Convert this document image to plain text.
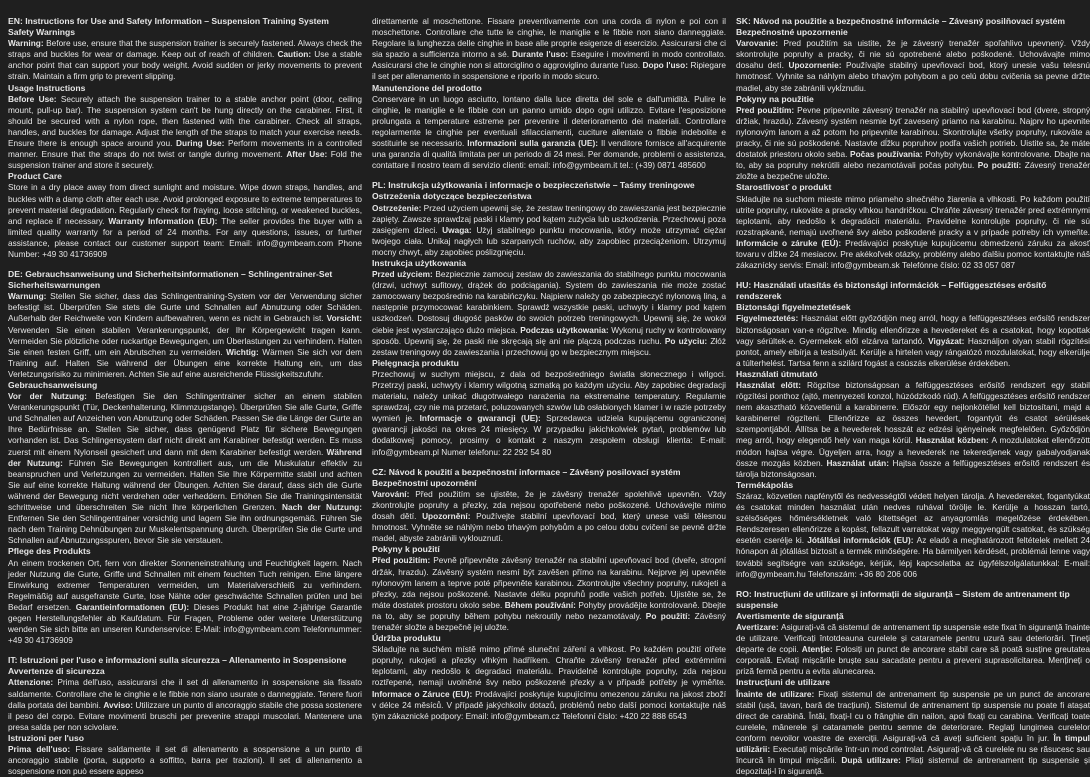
EN: Instructions for Use and Safety Information – Suspension Training System
Safety Warnings

Warning: Before use, ensure that the suspension trainer is securely fastened. Always check the straps and buckles for wear or damage. Keep out of reach of children. Caution: Use a stable anchor point that can support your body weight. Avoid sudden or jerky movements to prevent strain. Maintain a firm grip to prevent slipping.

Usage Instructions

Before Use: Securely attach the suspension trainer to a stable anchor point (door, ceiling mount, pull-up bar). The suspension system can't be hung directly on the carabiner. First, it should be secured with a nylon rope, then fastened with the carabiner. Check all straps, handles, and buckles for damage. Adjust the length of the straps to match your exercise needs. Ensure there is enough space around you. During Use: Perform movements in a controlled manner. Ensure that the straps do not twist or tangle during movement. After Use: Fold the suspension trainer and store it securely.

Product Care

Store in a dry place away from direct sunlight and moisture. Wipe down straps, handles, and buckles with a damp cloth after each use. Avoid prolonged exposure to extreme temperatures to prevent material degradation. Regularly check for fraying, loose stitching, or weakened buckles, and replace if necessary. Warranty Information (EU): The seller provides the buyer with a limited quality warranty for a period of 24 months. For any questions, issues, or further assistance, please contact our customer support team: Email: info@gymbeam.com Phone Number: +49 30 41736909

DE: Gebrauchsanweisung und Sicherheitsinformationen – Schlingentrainer-Set
Sicherheitswarnungen

Warnung: Stellen Sie sicher, dass das Schlingentraining-System vor der Verwendung sicher befestigt ist. Überprüfen Sie stets die Gurte und Schnallen auf Abnutzung oder Schäden. Außerhalb der Reichweite von Kindern aufbewahren, wenn es nicht in Gebrauch ist. Vorsicht: Verwenden Sie einen stabilen Verankerungspunkt, der Ihr Körpergewicht tragen kann. Vermeiden Sie plötzliche oder ruckartige Bewegungen, um Überlastungen zu verhindern. Halten Sie einen festen Griff, um ein Abrutschen zu vermeiden. Wichtig: Wärmen Sie sich vor dem Training auf. Halten Sie während der Übungen eine korrekte Haltung ein, um das Verletzungsrisiko zu minimieren. Achten Sie auf eine ausreichende Flüssigkeitszufuhr.

Gebrauchsanweisung

Vor der Nutzung: Befestigen Sie den Schlingentrainer sicher an einem stabilen Verankerungspunkt (Tür, Deckenhalterung, Klimmzugstange). Überprüfen Sie alle Gurte, Griffe und Schnallen auf Anzeichen von Abnutzung oder Schäden. Passen Sie die Länge der Gurte an Ihre Bedürfnisse an. Stellen Sie sicher, dass genügend Platz für sichere Bewegungen vorhanden ist. Das Schlingensystem darf nicht direkt am Karabiner befestigt werden. Es muss zuerst mit einem Nylonseil gesichert und dann mit dem Karabiner befestigt werden. Während der Nutzung: Führen Sie Bewegungen kontrolliert aus, um die Muskulatur effektiv zu beanspruchen und Verletzungen zu vermeiden. Halten Sie Ihre Körpermitte stabil und achten Sie auf eine korrekte Haltung während der Übungen. Achten Sie darauf, dass sich die Gurte während der Bewegung nicht verdrehen oder verheddern. Erhöhen Sie die Trainingsintensität schrittweise und überschreiten Sie nicht Ihre körperlichen Grenzen. Nach der Nutzung: Entfernen Sie den Schlingentrainer vorsichtig und lagern Sie ihn ordnungsgemäß. Führen Sie nach dem Training Dehnübungen zur Muskelentspannung durch. Überprüfen Sie die Gurte und Schnallen auf Abnutzungsspuren, bevor Sie sie verstauen.

Pflege des Produkts

An einem trockenen Ort, fern von direkter Sonneneinstrahlung und Feuchtigkeit lagern. Nach jeder Nutzung die Gurte, Griffe und Schnallen mit einem feuchten Tuch reinigen. Eine längere Einwirkung extremer Temperaturen vermeiden, um Materialverschleiß zu verhindern. Regelmäßig auf ausgefranste Gurte, lose Nähte oder geschwächte Schnallen prüfen und bei Bedarf ersetzen. Garantieinformationen (EU): Dieses Produkt hat eine 2-jährige Garantie gegen Herstellungsfehler ab Kaufdatum. Für Fragen, Probleme oder weitere Unterstützung wenden Sie sich bitte an unseren Kundenservice: E-Mail: info@gymbeam.com Telefonnummer: +49 30 41736909

IT: Istruzioni per l'uso e informazioni sulla sicurezza – Allenamento in Sospensione
Avvertenze di sicurezza

Attenzione: Prima dell'uso, assicurarsi che il set di allenamento in sospensione sia fissato saldamente. Controllare che le cinghie e le fibbie non siano usurate o danneggiate. Tenere fuori dalla portata dei bambini. Avviso: Utilizzare un punto di ancoraggio stabile che possa sostenere il peso del corpo. Evitare movimenti bruschi per prevenire strappi muscolari. Mantenere una presa salda per non scivolare.

Istruzioni per l'uso

Prima dell'uso: Fissare saldamente il set di allenamento a sospensione a un punto di ancoraggio stabile (porta, supporto a soffitto, barra per trazioni). Il set di allenamento a sospensione non può essere appeso

direttamente al moschettone. Fissare preventivamente con una corda di nylon e poi con il moschettone. Controllare che tutte le cinghie, le maniglie e le fibbie non siano danneggiate. Regolare la lunghezza delle cinghie in base alle proprie esigenze di esercizio. Assicurarsi che ci sia spazio a sufficienza intorno a sé. Durante l'uso: Eseguire i movimenti in modo controllato. Assicurarsi che le cinghie non si attorciglino o aggroviglino durante l'uso. Dopo l'uso: Ripiegare il set per allenamento in sospensione e riporlo in modo sicuro.

Manutenzione del prodotto

Conservare in un luogo asciutto, lontano dalla luce diretta del sole e dall'umidità. Pulire le cinghie, le maniglie e le fibbie con un panno umido dopo ogni utilizzo. Evitare l'esposizione prolungata a temperature estreme per prevenire il deterioramento dei materiali. Controllare regolarmente le cinghie per eventuali sfilacciamenti, cuciture allentate o fibbie indebolite e sostituirle se necessario. Informazioni sulla garanzia (UE): Il venditore fornisce all'acquirente una garanzia di qualità limitata per un periodo di 24 mesi. Per domande, problemi o assistenza, contattare il nostro team di servizio clienti: email: info@gymbeam.it tel.: (+39) 0871 485600

PL: Instrukcja użytkowania i informacje o bezpieczeństwie – Taśmy treningowe
Ostrzeżenia dotyczące bezpieczeństwa

Ostrzeżenie: Przed użyciem upewnij się, że zestaw treningowy do zawieszania jest bezpiecznie zapięty. Zawsze sprawdzaj paski i klamry pod kątem zużycia lub uszkodzenia. Przechowuj poza zasięgiem dzieci. Uwaga: Użyj stabilnego punktu mocowania, który może utrzymać ciężar twojego ciała. Unikaj nagłych lub szarpanych ruchów, aby zapobiec przeciążeniom. Utrzymuj mocny chwyt, aby zapobiec poślizgnięciu.

Instrukcja użytkowania

Przed użyciem: Bezpiecznie zamocuj zestaw do zawieszania do stabilnego punktu mocowania (drzwi, uchwyt sufitowy, drążek do podciągania). System do zawieszania nie może zostać zamocowany bezpośrednio na karabińczyku. Najpierw należy go zabezpieczyć nylonową liną, a następnie przymocować karabinkiem. Sprawdź wszystkie paski, uchwyty i klamry pod kątem uszkodzeń. Dostosuj długość pasków do swoich potrzeb treningowych. Upewnij się, że wokół ciebie jest wystarczająco dużo miejsca. Podczas użytkowania: Wykonuj ruchy w kontrolowany sposób. Upewnij się, że paski nie skręcają się ani nie plączą podczas ruchu. Po użyciu: Złóż zestaw treningowy do zawieszania i przechowuj go w bezpiecznym miejscu.

Pielęgnacja produktu

Przechowuj w suchym miejscu, z dala od bezpośredniego światła słonecznego i wilgoci. Przetrzyj paski, uchwyty i klamry wilgotną szmatką po każdym użyciu. Aby zapobiec degradacji materiału, należy unikać długotrwałego narażenia na ekstremalne temperatury. Regularnie sprawdzaj, czy nie ma przetarć, poluzowanych szwów lub osłabionych klamer i w razie potrzeby wymień je. Informacje o gwarancji (UE): Sprzedawca udziela kupującemu ograniczonej gwarancji jakości na okres 24 miesięcy. W przypadku jakichkolwiek pytań, problemów lub dodatkowej pomocy, prosimy o kontakt z naszym zespołem obsługi klienta: E-mail: info@gymbeam.pl Numer telefonu: 22 292 54 80

CZ: Návod k použití a bezpečnostní informace – Závěsný posilovací systém
Bezpečnostní upozornění

Varování: Před použitím se ujistěte, že je závěsný trenažér spolehlivě upevněn. Vždy zkontrolujte popruhy a přezky, zda nejsou opotřebené nebo poškozené. Uchovávejte mimo dosah dětí. Upozornění: Používejte stabilní upevňovací bod, který unese vaši tělesnou hmotnost. Vyhněte se náhlým nebo trhavým pohybům a po celou dobu cvičení se pevně držte madel, abyste zabránili vyklouznutí.

Pokyny k použití

Před použitím: Pevně připevněte závěsný trenažér na stabilní upevňovací bod (dveře, stropní držák, hrazdu). Závěsný systém nesmí být zavěšen přímo na karabinu. Nejprve jej upevněte nylonovým lanem a teprve poté připevněte karabinou. Zkontrolujte všechny popruhy, rukojeti a přezky, zda nejsou poškozené. Nastavte délku popruhů podle vašich potřeb. Ujistěte se, že máte dostatek prostoru okolo sebe. Během používání: Pohyby provádějte kontrolovaně. Dbejte na to, aby se popruhy během pohybu nekroutily nebo nezamotávaly. Po použití: Závěsný trenažér složte a bezpečně jej uložte.

Údržba produktu

Skladujte na suchém místě mimo přímé sluneční záření a vlhkost. Po každém použití otřete popruhy, rukojeti a přezky vlhkým hadříkem. Chraňte závěsný trenažér před extrémními teplotami, aby nedošlo k degradaci materiálu. Pravidelně kontrolujte popruhy, zda nejsou roztřepené, nemají uvolněné švy nebo poškozené přezky a v případě potřeby je vyměňte. Informace o Záruce (EU): Prodávající poskytuje kupujícímu omezenou záruku na jakost zboží v délce 24 měsíců. V případě jakýchkoliv dotazů, problémů nebo další pomoci kontaktujte náš tým zákaznické podpory: Email: info@gymbeam.cz Telefonní číslo: +420 22 888 6543

SK: Návod na použitie a bezpečnostné informácie – Závesný posilňovací systém
Bezpečnostné upozornenie

Varovanie: Pred použitím sa uistite, že je závesný trenažér spoľahlivo upevnený. Vždy skontrolujte popruhy a pracky, či nie sú opotrebené alebo poškodené. Uchovávajte mimo dosahu detí. Upozornenie: Používajte stabilný upevňovací bod, ktorý unesie vašu telesnú hmotnosť. Vyhnite sa náhlym alebo trhavým pohybom a po celú dobu cvičenia sa pevne držte madiel, aby ste zabránili vykĺznutiu.

Pokyny na použitie

Pred použitím: Pevne pripevnite závesný trenažér na stabilný upevňovací bod (dvere, stropný držiak, hrazdu). Závesný systém nesmie byť zavesený priamo na karabínu. Najprv ho upevnite nylonovým lanom a až potom ho pripevnite karabínou. Skontrolujte všetky popruhy, rukoväte a pracky, či nie sú poškodené. Nastavte dĺžku popruhov podľa vašich potrieb. Uistite sa, že máte dostatok priestoru okolo seba. Počas používania: Pohyby vykonávajte kontrolovane. Dbajte na to, aby sa popruhy nekrútili alebo nezamotávali počas pohybu. Po použití: Závesný trenažér zložte a bezpečne uložte.

Starostlivosť o produkt

Skladujte na suchom mieste mimo priameho slnečného žiarenia a vlhkosti. Po každom použití utrite popruhy, rukoväte a pracky vlhkou handričkou. Chráňte závesný trenažér pred extrémnymi teplotami, aby nedošlo k degradácii materiálu. Pravidelne kontrolujte popruhy, či nie sú rozstrapkané, nemajú uvoľnené švy alebo poškodené pracky a v prípade potreby ich vymeňte. Informácie o záruke (EÚ): Predávajúci poskytuje kupujúcemu obmedzenú záruku za akosť tovaru v dĺžke 24 mesiacov. Pre akékoľvek otázky, problémy alebo ďalšiu pomoc kontaktujte náš zákaznícky servis: Email: info@gymbeam.sk Telefónne číslo: 02 33 057 087

HU: Használati utasítás és biztonsági információk – Felfüggesztéses erősítő rendszerek
Biztonsági figyelmeztetések

Figyelmeztetés: Használat előtt győződjön meg arról, hogy a felfüggesztéses erősítő rendszer biztonságosan van-e rögzítve. Mindig ellenőrizze a hevedereket és a csatokat, hogy kopottak vagy sérültek-e. Gyermekek elől elzárva tartandó. Vigyázat: Használjon olyan stabil rögzítési pontot, amely elbírja a testsúlyát. Kerülje a hirtelen vagy rángatózó mozdulatokat, hogy elkerülje a túlterhelést. Tartsa fenn a szilárd fogást a csúszás elkerülése érdekében.

Használati útmutató

Használat előtt: Rögzítse biztonságosan a felfüggesztéses erősítő rendszert egy stabil rögzítési ponthoz (ajtó, mennyezeti konzol, húzódzkodó rúd). A felfüggesztéses erősítő rendszer nem akasztható közvetlenül a karabinerre. Először egy nejlonkötéllel kell biztosítani, majd a karabinerrel rögzíteni. Ellenőrizze az összes hevedert, fogantyút és csatot sérülések szempontjából. Állítsa be a hevederek hosszát az edzési igényeinek megfelelően. Győződjön meg arról, hogy elegendő hely van maga körül. Használat közben: A mozdulatokat ellenőrzött módon hajtsa végre. Ügyeljen arra, hogy a hevederek ne tekeredjenek vagy gabalyodjanak össze mozgás közben. Használat után: Hajtsa össze a felfüggesztéses erősítő rendszert és tárolja biztonságosan.

Termékápolás

Száraz, közvetlen napfénytől és nedvességtől védett helyen tárolja. A hevedereket, fogantyúkat és csatokat minden használat után nedves ruhával törölje le. Kerülje a hosszan tartó, szélsőséges hőmérsékletnek való kitettséget az anyagromlás megelőzése érdekében. Rendszeresen ellenőrizze a kopást, fellazult varratokat vagy meggyengült csatokat, és szükség esetén cserélje ki. Jótállási információk (EU): Az eladó a meghatározott feltételek mellett 24 hónapon át jótállást biztosít a termék minőségére. Ha bármilyen kérdését, problémái lenne vagy további segítségre van szüksége, kérjük, lépj kapcsolatba az ügyfélszolgálatunkkal: E-mail: info@gymbeam.hu Telefonszám: +36 80 206 006

RO: Instrucțiuni de utilizare și informații de siguranță – Sistem de antrenament tip suspensie
Avertismente de siguranță

Avertizare: Asigurați-vă că sistemul de antrenament tip suspensie este fixat în siguranță înainte de utilizare. Verificați întotdeauna curelele și cataramele pentru uzură sau deteriorări. Țineți departe de copii. Atenție: Folosiți un punct de ancorare stabil care să poată susține greutatea corporală. Evitați mișcările bruște sau sacadate pentru a preveni suprasolicitarea. Mențineți o priză fermă pentru a evita alunecarea.

Instrucțiuni de utilizare

Înainte de utilizare: Fixați sistemul de antrenament tip suspensie pe un punct de ancorare stabil (ușă, tavan, bară de tracțiuni). Sistemul de antrenament tip suspensie nu poate fi atașat direct de carabină. Întâi, fixați-l cu o frânghie din nailon, apoi fixați cu carabina. Verificați toate curelele, mânerele și cataramele pentru semne de deteriorare. Reglați lungimea curelelor conform nevoilor voastre de exerciții. Asigurați-vă că aveți suficient spațiu în jur. În timpul utilizării: Executați mișcările într-un mod controlat. Asigurați-vă că curelele nu se răsucesc sau încurcă în timpul mișcării. După utilizare: Pliați sistemul de antrenament tip suspensie și depozitați-l în siguranță.
